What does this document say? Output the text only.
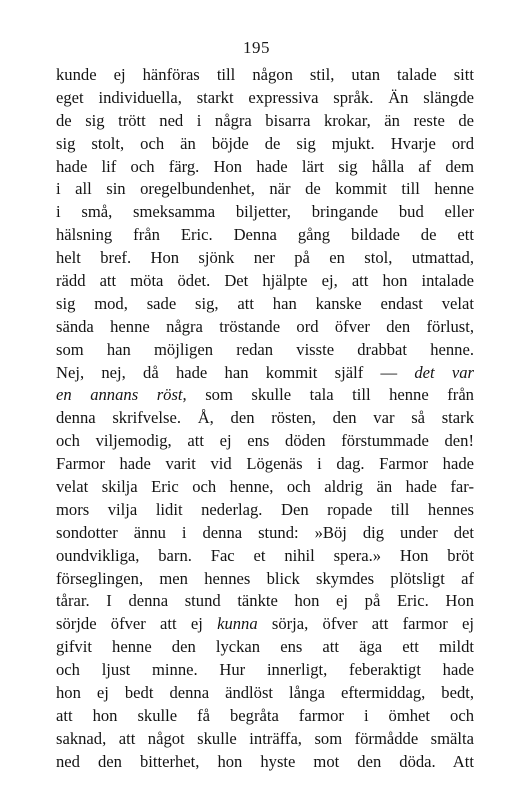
195
kunde ej hänföras till någon stil, utan talade sitt
eget individuella, starkt expressiva språk. Än slängde
de sig trött ned i några bisarra krokar, än reste de
sig stolt, och än böjde de sig mjukt. Hvarje ord
hade lif och färg. Hon hade lärt sig hålla af dem
i all sin oregelbundenhet, när de kommit till henne
i små, smeksamma biljetter, bringande bud eller
hälsning från Eric. Denna gång bildade de ett
helt bref. Hon sjönk ner på en stol, utmattad,
rädd att möta ödet. Det hjälpte ej, att hon intalade
sig mod, sade sig, att han kanske endast velat
sända henne några tröstande ord öfver den förlust,
som han möjligen redan visste drabbat henne.
Nej, nej, då hade han kommit själf — det var
en annans röst, som skulle tala till henne från
denna skrifvelse. Å, den rösten, den var så stark
och viljemodig, att ej ens döden förstummade den!
Farmor hade varit vid Lögenäs i dag. Farmor hade
velat skilja Eric och henne, och aldrig än hade far-
mors vilja lidit nederlag. Den ropade till hennes
sondotter ännu i denna stund: »Böj dig under det
oundvikliga, barn. Fac et nihil spera.» Hon bröt
förseglingen, men hennes blick skymdes plötsligt af
tårar. I denna stund tänkte hon ej på Eric. Hon
sörjde öfver att ej kunna sörja, öfver att farmor ej
gifvit henne den lyckan ens att äga ett mildt
och ljust minne. Hur innerligt, feberaktigt hade
hon ej bedt denna ändlöst långa eftermiddag, bedt,
att hon skulle få begråta farmor i ömhet och
saknad, att något skulle inträffa, som förmådde smälta
ned den bitterhet, hon hyste mot den döda. Att
